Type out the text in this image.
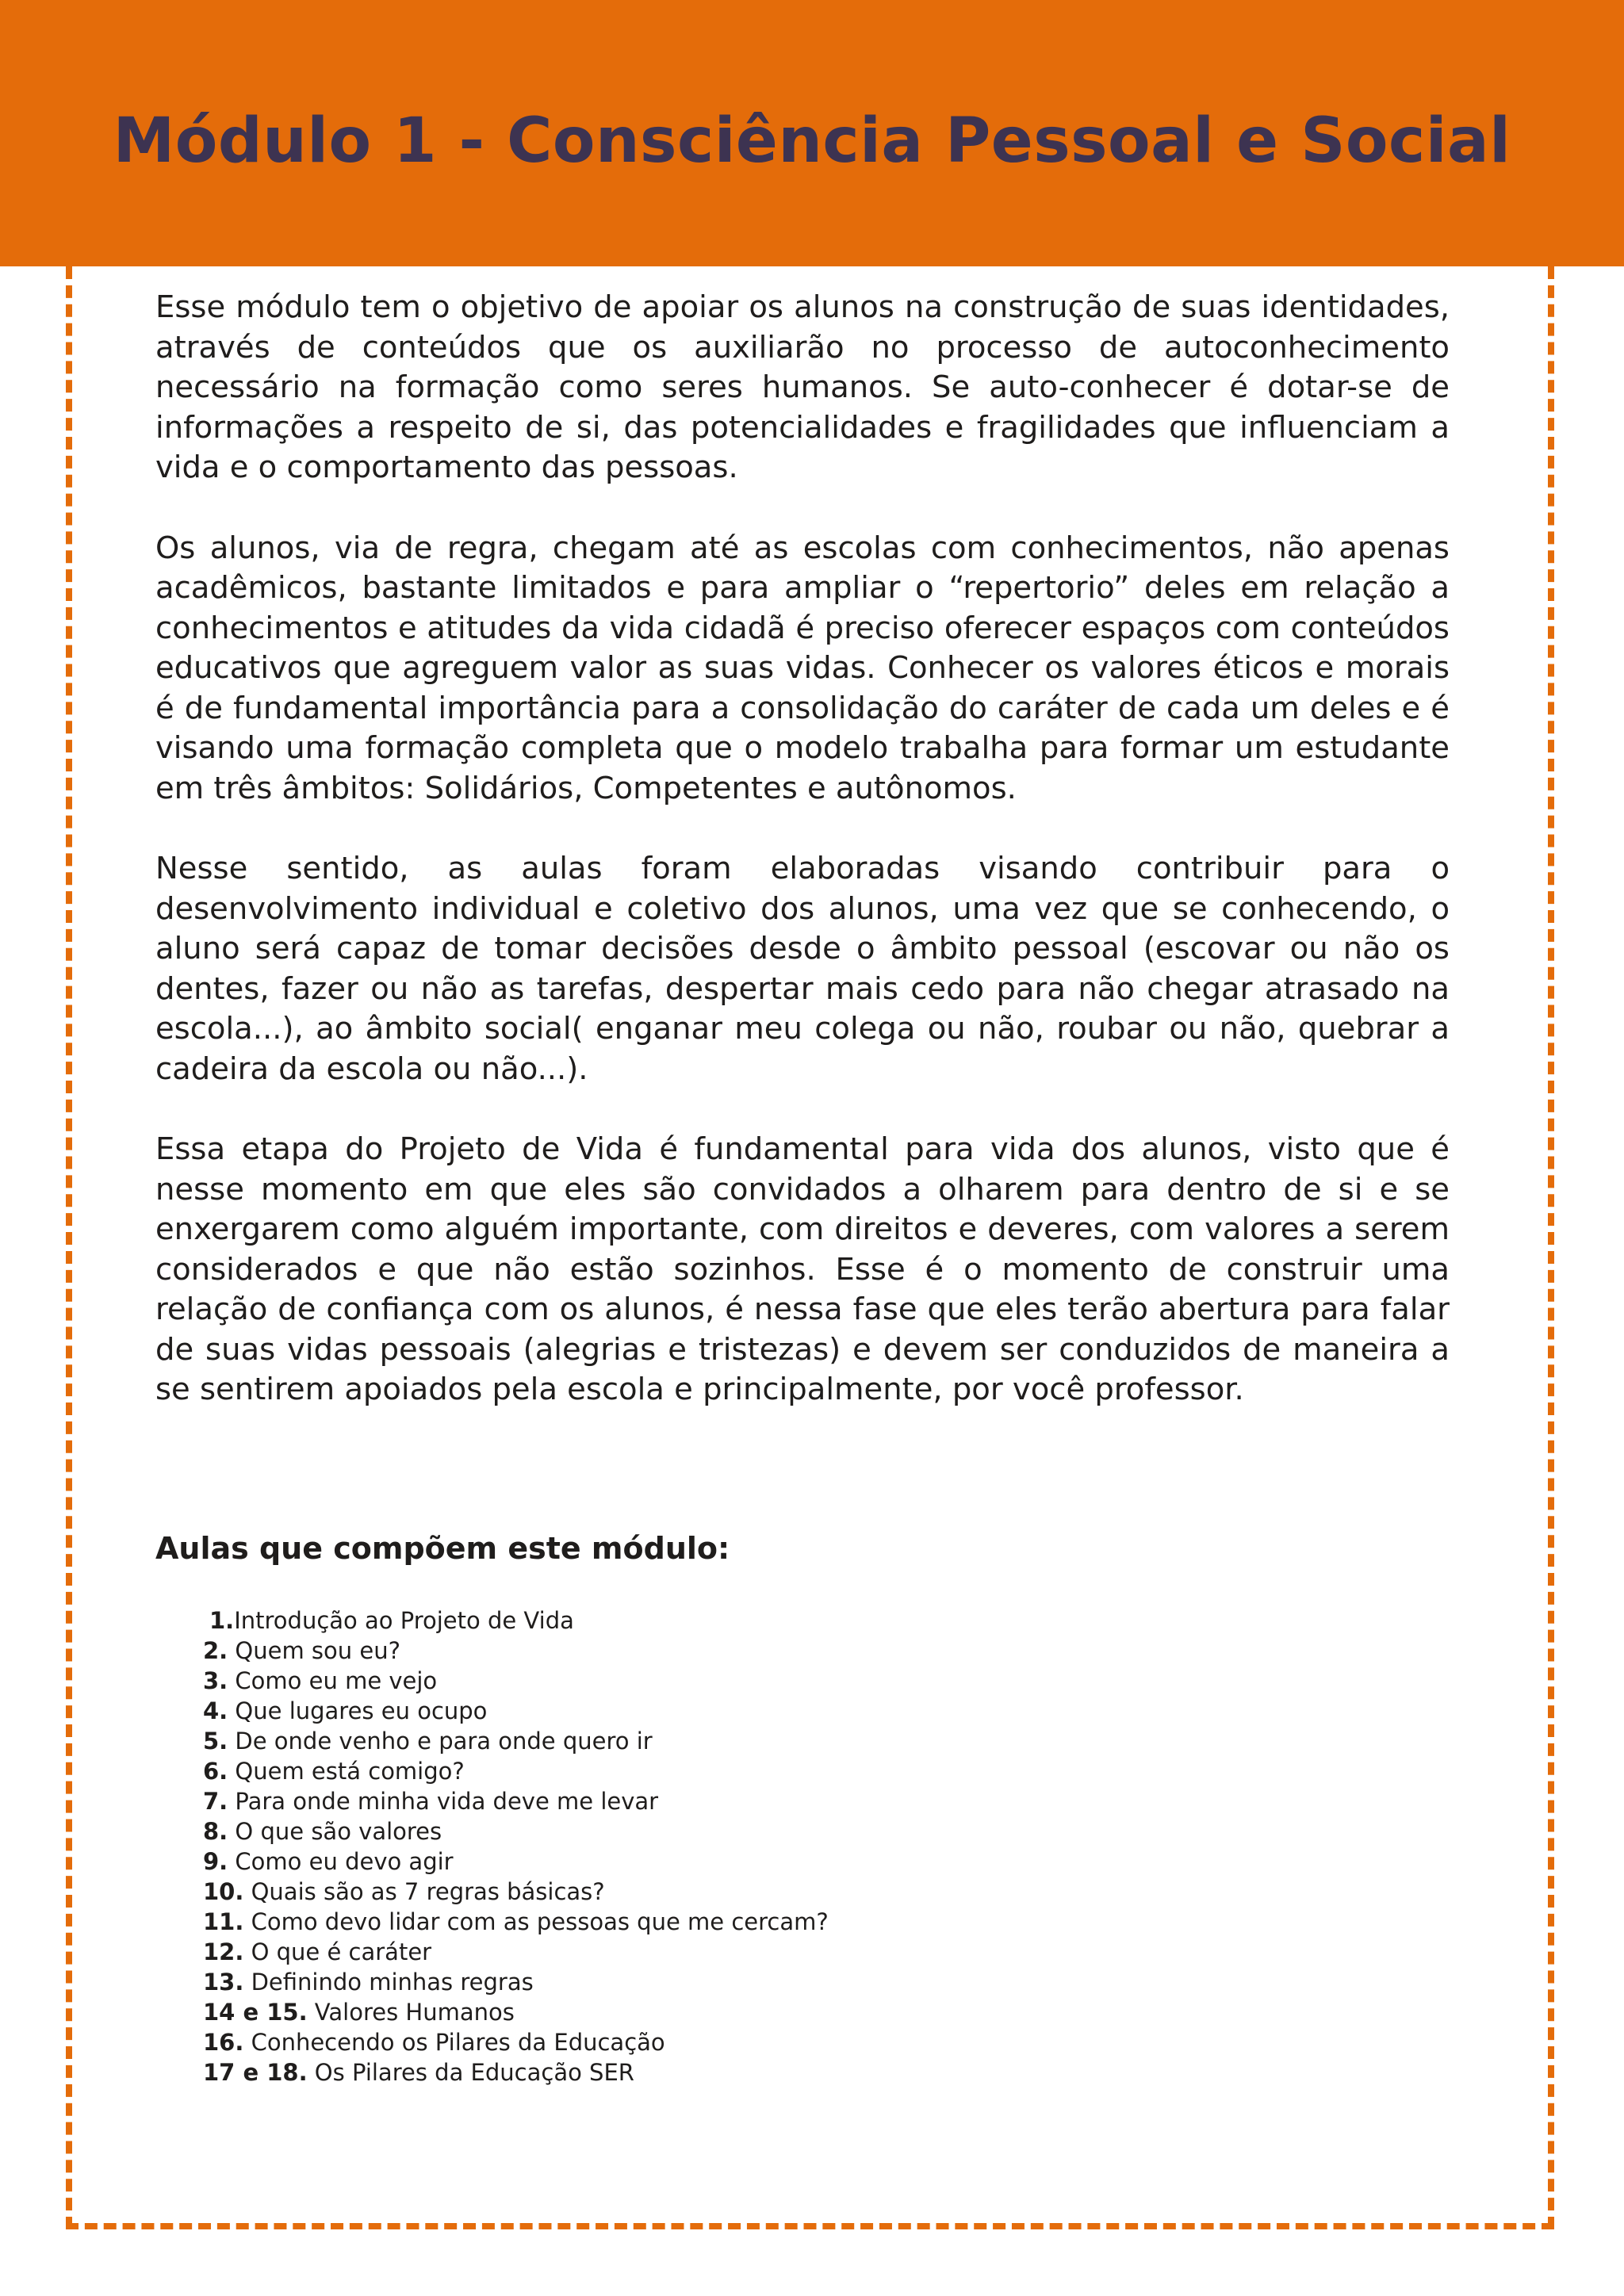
Módulo 1 - Consciência Pessoal e Social

Esse módulo tem o objetivo de apoiar os alunos na construção de suas identidades, através de conteúdos que os auxiliarão no processo de autoconhecimento necessário na formação como seres humanos. Se auto-conhecer é dotar-se de informações a respeito de si, das potencialidades e fragilidades que influenciam a vida e o comportamento das pessoas.

Os alunos, via de regra, chegam até as escolas com conhecimentos, não apenas acadêmicos, bastante limitados e para ampliar o “repertorio” deles em relação a conhecimentos e atitudes da vida cidadã é preciso oferecer espaços com conteúdos educativos que agreguem valor as suas vidas. Conhecer os valores éticos e morais é de fundamental importância para a consolidação do caráter de cada um deles e é visando uma formação completa que o modelo trabalha para formar um estudante em três âmbitos: Solidários, Competentes e autônomos.

Nesse sentido, as aulas foram elaboradas visando contribuir para o desenvolvimento individual e coletivo dos alunos, uma vez que se conhecendo, o aluno será capaz de tomar decisões desde o âmbito pessoal (escovar ou não os dentes, fazer ou não as tarefas, despertar mais cedo para não chegar atrasado na escola...), ao âmbito social( enganar meu colega ou não, roubar ou não, quebrar a cadeira da escola ou não...).

Essa etapa do Projeto de Vida é fundamental para vida dos alunos, visto que é nesse momento em que eles são convidados a olharem para dentro de si e se enxergarem como alguém importante, com direitos e deveres, com valores a serem considerados e que não estão sozinhos. Esse é o momento de construir uma relação de confiança com os alunos, é nessa fase que eles terão abertura para falar de suas vidas pessoais (alegrias e tristezas) e devem ser conduzidos de maneira a se sentirem apoiados pela escola e principalmente, por você professor.

Aulas que compõem este módulo:
1.Introdução ao Projeto de Vida
2. Quem sou eu?
3. Como eu me vejo
4. Que lugares eu ocupo
5. De onde venho e para onde quero ir
6. Quem está comigo?
7. Para onde minha vida deve me levar
8. O que são valores
9. Como eu devo agir
10. Quais são as 7 regras básicas?
11. Como devo lidar com as pessoas que me cercam?
12. O que é caráter
13. Definindo minhas regras
14 e 15. Valores Humanos
16. Conhecendo os Pilares da Educação
17 e 18. Os Pilares da Educação SER
